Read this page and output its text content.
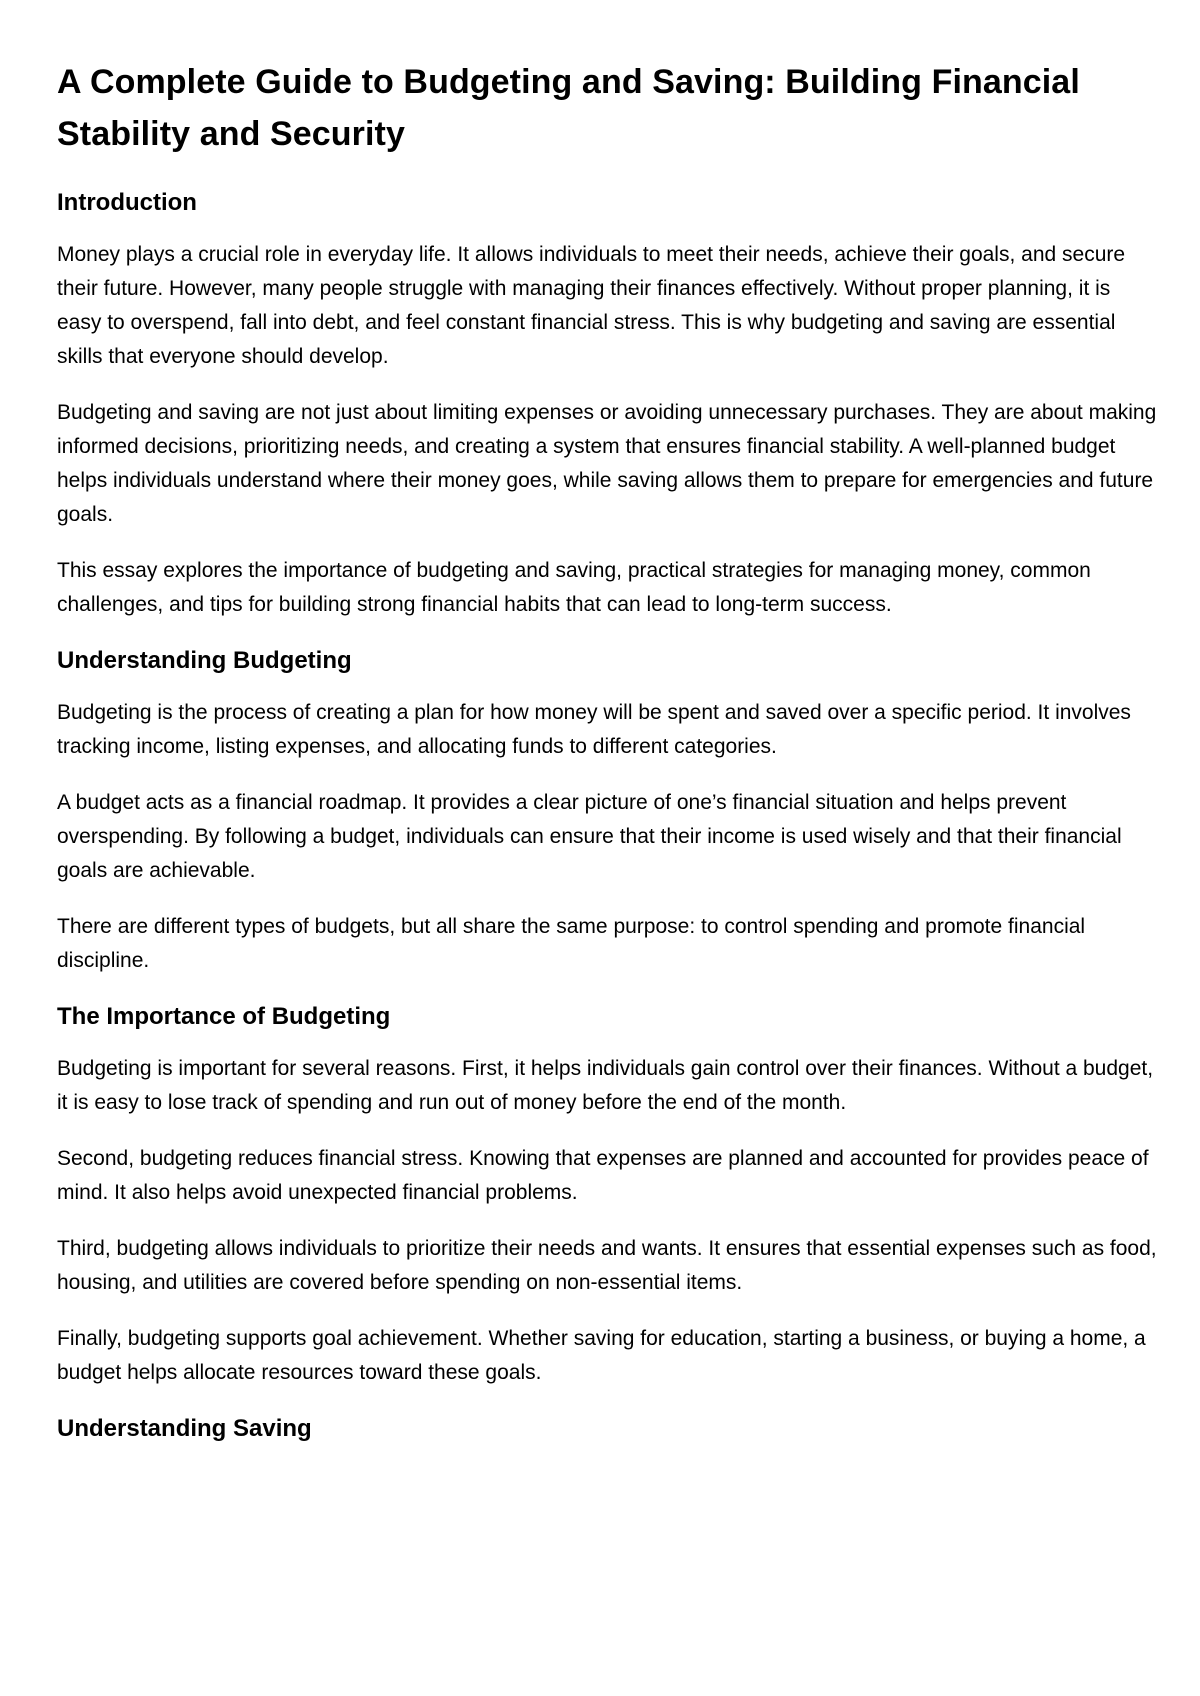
A Complete Guide to Budgeting and Saving: Building Financial Stability and Security
Introduction

Money plays a crucial role in everyday life. It allows individuals to meet their needs, achieve their goals, and secure their future. However, many people struggle with managing their finances effectively. Without proper planning, it is easy to overspend, fall into debt, and feel constant financial stress. This is why budgeting and saving are essential skills that everyone should develop.

Budgeting and saving are not just about limiting expenses or avoiding unnecessary purchases. They are about making informed decisions, prioritizing needs, and creating a system that ensures financial stability. A well-planned budget helps individuals understand where their money goes, while saving allows them to prepare for emergencies and future goals.

This essay explores the importance of budgeting and saving, practical strategies for managing money, common challenges, and tips for building strong financial habits that can lead to long-term success.

Understanding Budgeting

Budgeting is the process of creating a plan for how money will be spent and saved over a specific period. It involves tracking income, listing expenses, and allocating funds to different categories.

A budget acts as a financial roadmap. It provides a clear picture of one’s financial situation and helps prevent overspending. By following a budget, individuals can ensure that their income is used wisely and that their financial goals are achievable.

There are different types of budgets, but all share the same purpose: to control spending and promote financial discipline.

The Importance of Budgeting

Budgeting is important for several reasons. First, it helps individuals gain control over their finances. Without a budget, it is easy to lose track of spending and run out of money before the end of the month.

Second, budgeting reduces financial stress. Knowing that expenses are planned and accounted for provides peace of mind. It also helps avoid unexpected financial problems.

Third, budgeting allows individuals to prioritize their needs and wants. It ensures that essential expenses such as food, housing, and utilities are covered before spending on non-essential items.

Finally, budgeting supports goal achievement. Whether saving for education, starting a business, or buying a home, a budget helps allocate resources toward these goals.

Understanding Saving
